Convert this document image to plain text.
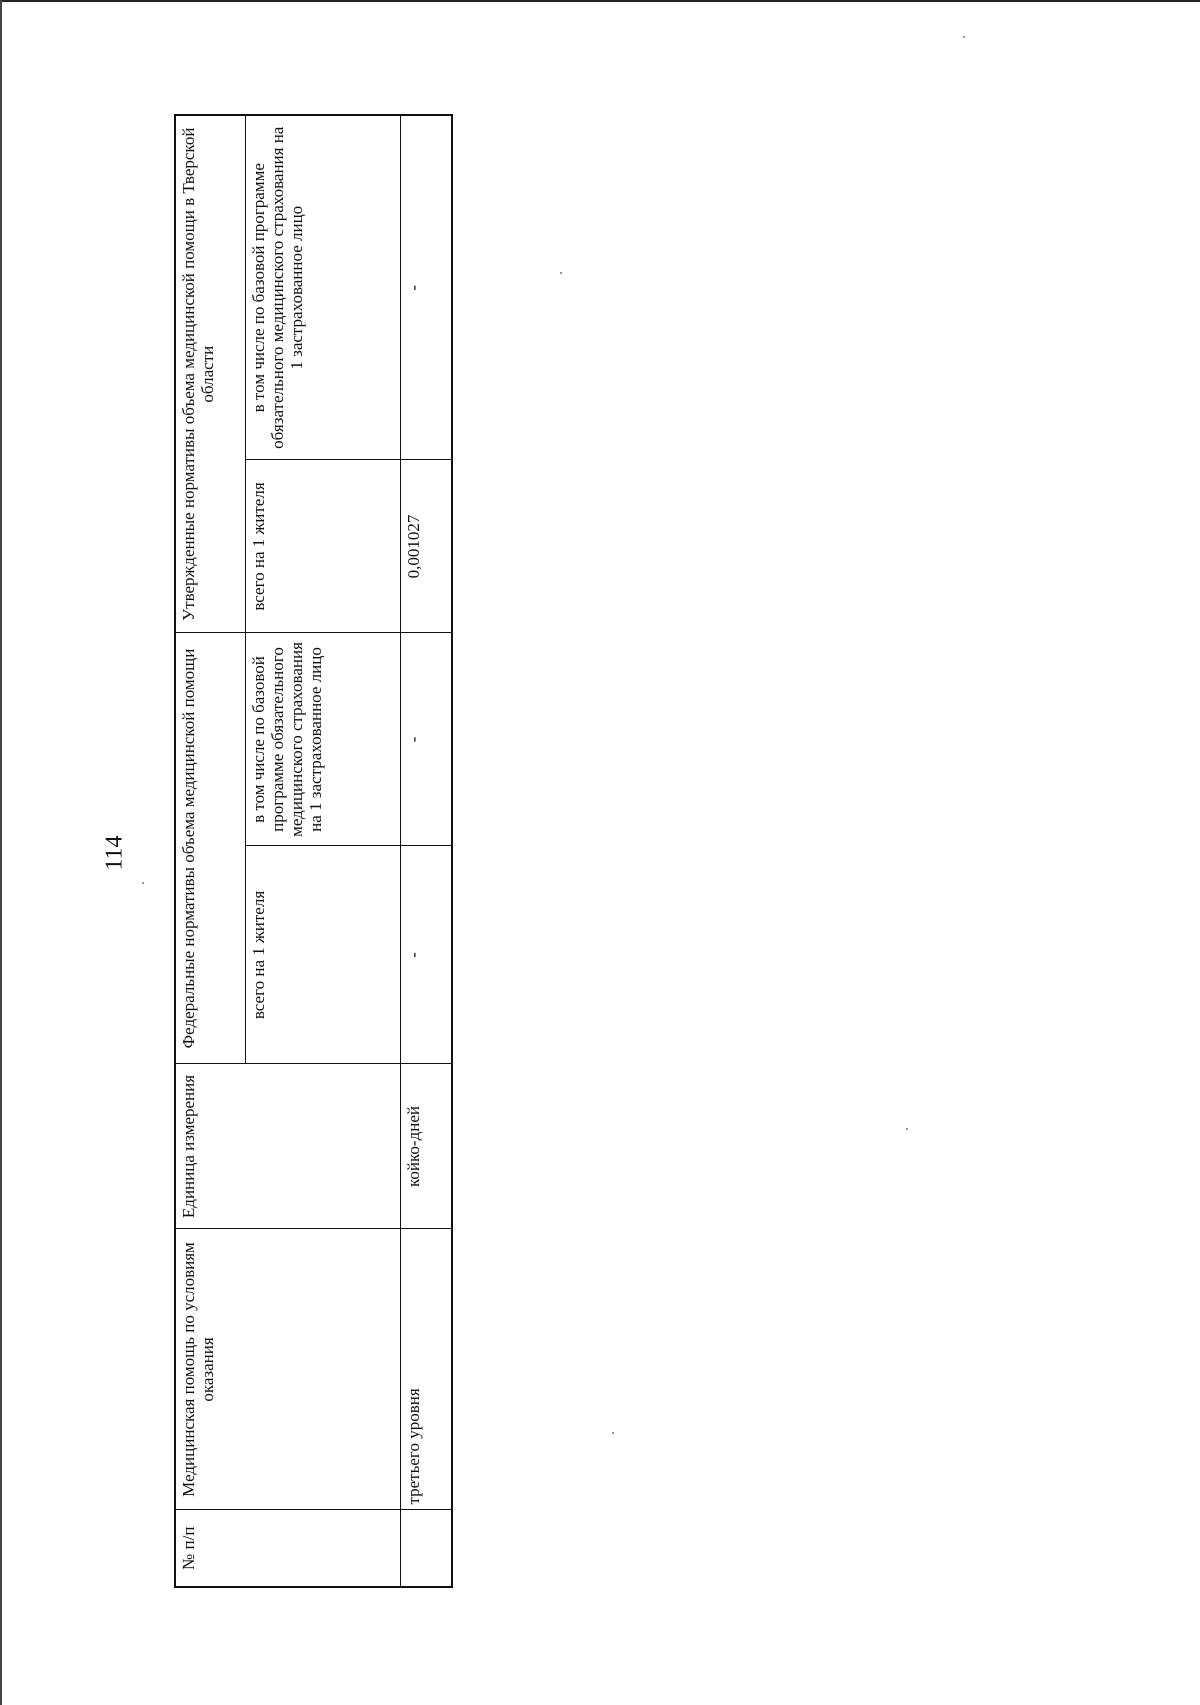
114
№ п/п	Медицинская помощь по условиям оказания	Единица измерения	Федеральные нормативы объема медицинской помощи		Утвержденные нормативы объема медицинской помощи в Тверской области	
			всего на 1 жителя	в том числе по базовой программе обязательного медицинского страхования на 1 застрахованное лицо	всего на 1 жителя	в том числе по базовой программе обязательного медицинского страхования на 1 застрахованное лицо
	третьего уровня	койко-дней	-	-	0,001027	-
